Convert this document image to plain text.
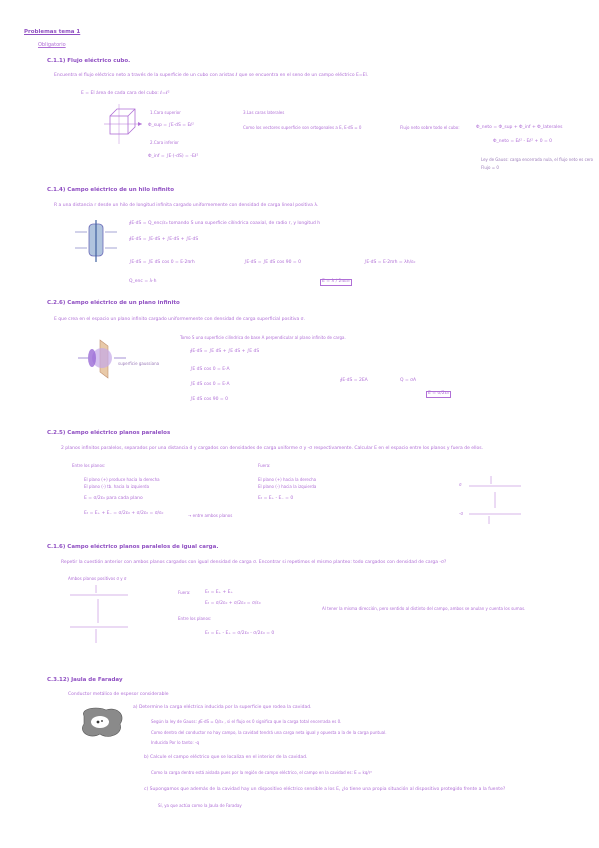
Problemas tema 1
Obligatorio
C.1.1) Flujo eléctrico cubo.
Encuentra el flujo eléctrico neto a través de la superficie de un cubo con aristas ℓ que se encuentra en el seno de un campo eléctrico E=Eî.
E = Eî área de cada cara del cubo: ℓ=ℓ²
1.Cara superior
Φ_sup = ∫E·dS = Eℓ²
2.Cara inferior
Φ_inf = ∫E·(-dS) = -Eℓ²
3.Las caras laterales
Como los vectores superficie son ortogonales a E, E·dS = 0	Flujo neto sobre todo el cubo:	Φ_neto = Φ_sup + Φ_inf + Φ_laterales
Φ_neto = Eℓ² - Eℓ² + 0 = 0
Ley de Gauss: carga encerrada nula, el flujo neto es cero
Flujo = 0
C.1.4) Campo eléctrico de un hilo infinito
R a una distancia r desde un hilo de longitud infinita cargado uniformemente con densidad de carga lineal positiva λ.
∮E·dS = Q_enc/ε₀ tomando S una superficie cilíndrica coaxial, de radio r, y longitud h
∮E·dS = ∫E·dS + ∫E·dS + ∫E·dS
∫E·dS = ∫E dS cos 0 = E·2πrh	∫E·dS = ∫E dS cos 90 = 0	∫E·dS = E·2πrh = λh/ε₀
Q_enc = λ·h	E = λ / 2πε₀r
C.2.6) Campo eléctrico de un plano infinito
E que crea en el espacio un plano infinito cargado uniformemente con densidad de carga superficial positiva σ.
superficie gaussiana
Tomo S una superficie cilíndrica de base A perpendicular al plano infinito de carga.
∮E·dS = ∫E dS + ∫E dS + ∫E dS
∫E dS cos 0 = E·A
∫E dS cos 0 = E·A
∫E dS cos 90 = 0
∮E·dS = 2EA	Q = σA
E = σ/2ε₀
C.2.5) Campo eléctrico planos paralelos
2 planos infinitos paralelos, separados por una distancia d y cargados con densidades de carga uniforme σ y -σ respectivamente. Calcular E en el espacio entre los planos y fuera de ellos.
Entre los planos:
El plano (+) produce hacia la derecha
El plano (-) tb. hacia la izquierda
E = σ/2ε₀ para cada plano
Eₜ = E₊ + E₋ = σ/2ε₀ + σ/2ε₀ = σ/ε₀	→ entre ambos planos
Fuera:
El plano (+) hacia la derecha
El plano (-) hacia la izquierda
Eₜ = E₊ - E₋ = 0
σ
-σ
C.1.6) Campo eléctrico planos paralelos de igual carga.
Repetir la cuestión anterior con ambos planos cargados con igual densidad de carga σ. Encontrar si repetimos el mismo planteo: todo cargados con densidad de carga -σ?
Ambos planos positivos σ y σ
Fuera:	Eₜ = E₊ + E₊
Eₜ = σ/2ε₀ + σ/2ε₀ = σ/ε₀
Entre los planos:
Eₜ = E₊ - E₊ = σ/2ε₀ - σ/2ε₀ = 0
Al tener la misma dirección, pero sentido al distinto del campo, ambos se anulan y cuenta los sumas.
C.3.12) Jaula de Faraday
Conductor metálico de espesor considerable
a) Determine la carga eléctrica inducida por la superficie que rodea la cavidad.
Según la ley de Gauss: ∮E·dS = Q/ε₀ , si el flujo es 0 significa que la carga total encerrada es 0.
Como dentro del conductor no hay campo, la cavidad tendrá una carga neta igual y opuesta a la de la carga puntual.
Inducida Por lo tanto: -q
b) Calcule el campo eléctrico que se localiza en el interior de la cavidad.
Como la carga dentro está aislada pues por la región de campo eléctrico, el campo en la cavidad es: E = kq/r²
c) Supongamos que además de la cavidad hay un dispositivo eléctrico sensible a los E, ¿lo tiene una propia situación al dispositivo protegido frente a la fuente?
Sí, ya que actúa como la Jaula de Faraday
